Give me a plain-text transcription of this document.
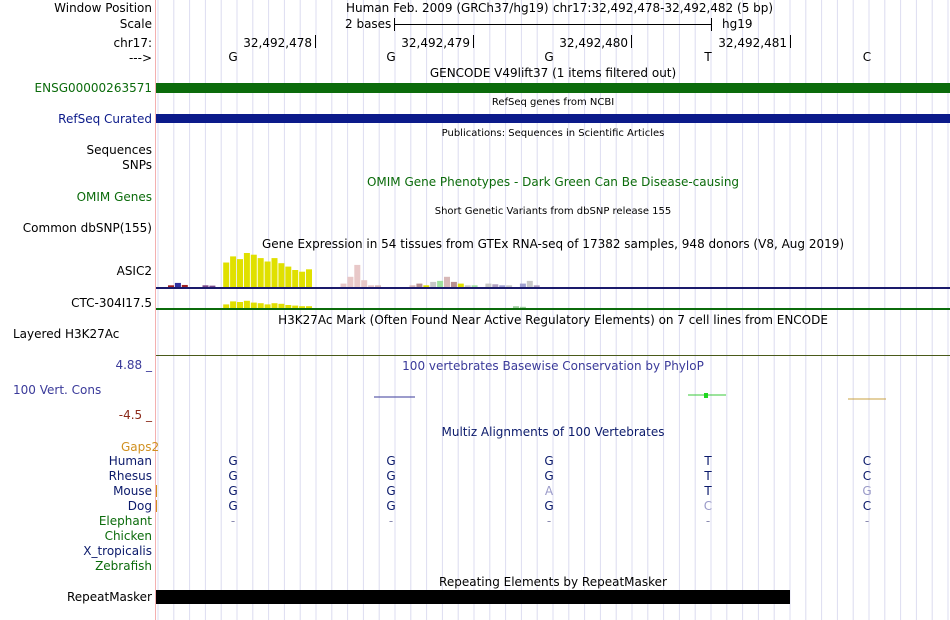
Window Position	Human Feb. 2009 (GRCh37/hg19) chr17:32,492,478-32,492,482 (5 bp)
Scale	2 bases	hg19
chr17:	32,492,478	32,492,479	32,492,480	32,492,481
--->	G	G	G	T	C
GENCODE V49lift37 (1 items filtered out)
ENSG00000263571
RefSeq genes from NCBI
RefSeq Curated
Publications: Sequences in Scientific Articles
Sequences
SNPs
OMIM Gene Phenotypes - Dark Green Can Be Disease-causing
OMIM Genes
Short Genetic Variants from dbSNP release 155
Common dbSNP(155)
Gene Expression in 54 tissues from GTEx RNA-seq of 17382 samples, 948 donors (V8, Aug 2019)
ASIC2
CTC-304I17.5
H3K27Ac Mark (Often Found Near Active Regulatory Elements) on 7 cell lines from ENCODE
Layered H3K27Ac
100 vertebrates Basewise Conservation by PhyloP
4.88 _
100 Vert. Cons
-4.5 _
Multiz Alignments of 100 Vertebrates
Gaps2
Human	G	G	G	T	C
Rhesus	G	G	G	T	C
Mouse	G	G	A	T	G
Dog	G	G	G	C	C
Elephant	-	-	-	-	-
Chicken
X_tropicalis
Zebrafish
Repeating Elements by RepeatMasker
RepeatMasker
